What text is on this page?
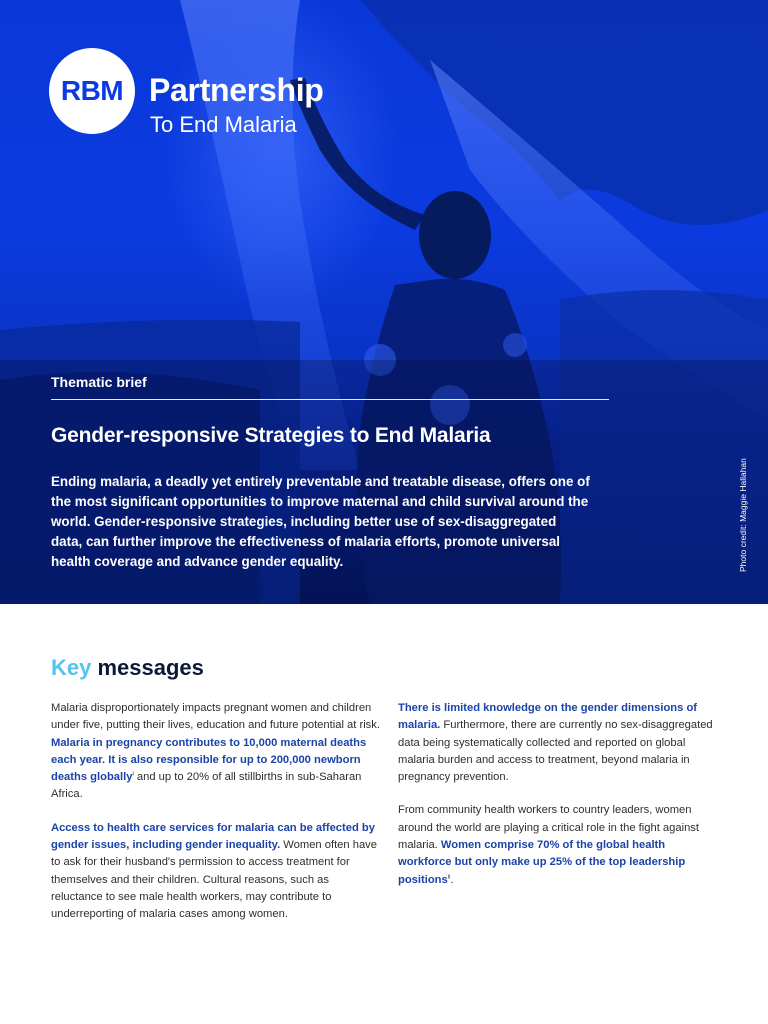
RBM Partnership
To End Malaria
Thematic brief
Gender-responsive Strategies to End Malaria

Ending malaria, a deadly yet entirely preventable and treatable disease, offers one of the most significant opportunities to improve maternal and child survival around the world. Gender-responsive strategies, including better use of sex-disaggregated data, can further improve the effectiveness of malaria efforts, promote universal health coverage and advance gender equality.	Photo credit: Maggie Hallahan
Key messages

Malaria disproportionately impacts pregnant women and children under five, putting their lives, education and future potential at risk. Malaria in pregnancy contributes to 10,000 maternal deaths each year. It is also responsible for up to 200,000 newborn deaths globally$^i$ and up to 20% of all stillbirths in sub-Saharan Africa.

Access to health care services for malaria can be affected by gender issues, including gender inequality. Women often have to ask for their husband's permission to access treatment for themselves and their children. Cultural reasons, such as reluctance to see male health workers, may contribute to underreporting of malaria cases among women.

There is limited knowledge on the gender dimensions of malaria. Furthermore, there are currently no sex-disaggregated data being systematically collected and reported on global malaria burden and access to treatment, beyond malaria in pregnancy prevention.

From community health workers to country leaders, women around the world are playing a critical role in the fight against malaria. Women comprise 70% of the global health workforce but only make up 25% of the top leadership positions$^{ii}$.
